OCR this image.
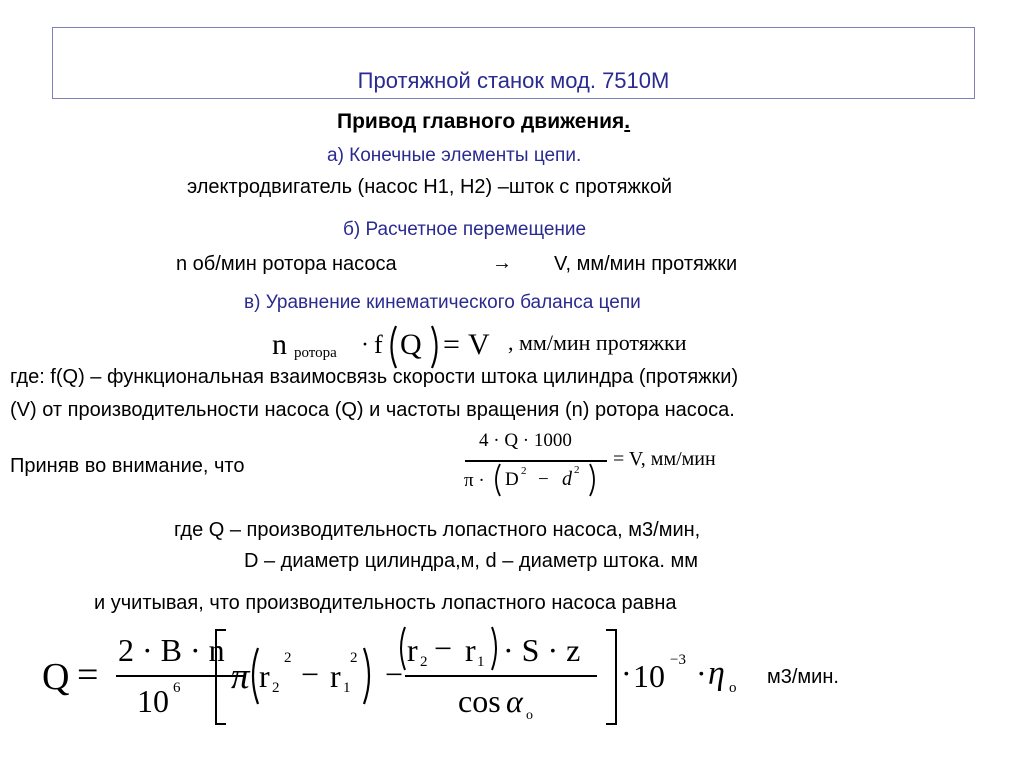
Протяжной станок мод. 7510М
Привод главного движения.
а) Конечные элементы цепи.
электродвигатель (насос Н1, Н2) –шток с протяжкой
б) Расчетное перемещение
n об/мин ротора насоса	→ V, мм/мин протяжки
в) Уравнение кинематического баланса цепи
n ротора · f Q = V , мм/мин протяжки
где: f(Q) – функциональная взаимосвязь скорости штока цилиндра (протяжки)
(V) от производительности насоса (Q) и частоты вращения (n) ротора насоса.
Приняв во внимание, что
4 · Q · 1000
π · D 2 − d 2 = V, мм/мин
где Q – производительность лопастного насоса, м3/мин,
D – диаметр цилиндра,м, d – диаметр штока. мм
и учитывая, что производительность лопастного насоса равна
Q =
2 · B · n
10 6 π r 2
2 − r 1
2 −
r 2 − r 1 · S · z
cos α o
· 10 −3 · η o м3/мин.
